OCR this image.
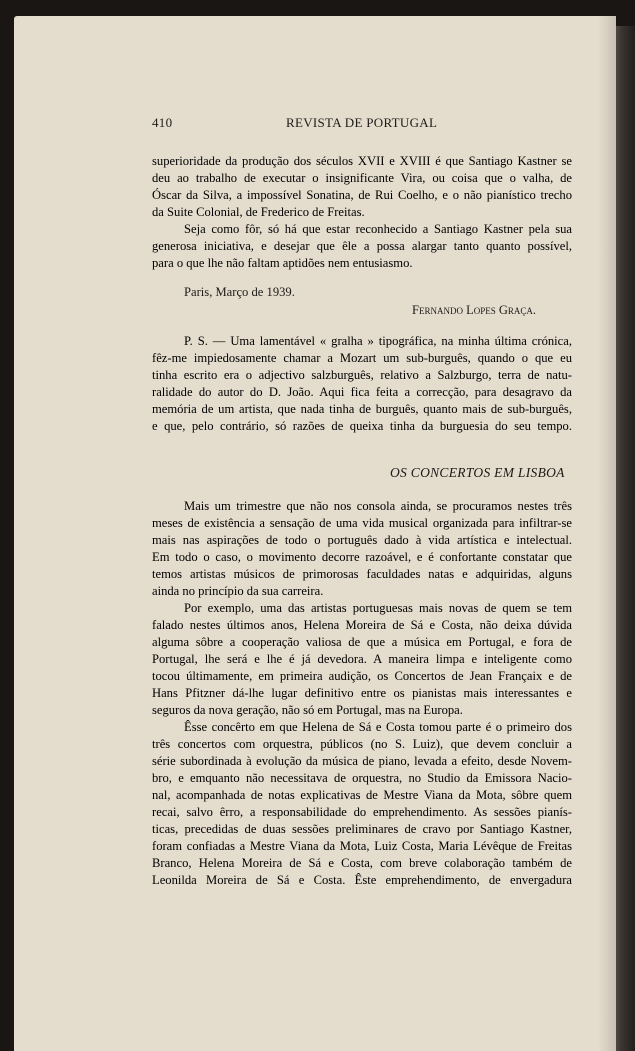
410	REVISTA DE PORTUGAL
superioridade da produção dos séculos XVII e XVIII é que Santiago Kastner se
deu ao trabalho de executar o insignificante Vira, ou coisa que o valha, de
Óscar da Silva, a impossível Sonatina, de Rui Coelho, e o não pianístico trecho
da Suite Colonial, de Frederico de Freitas.
Seja como fôr, só há que estar reconhecido a Santiago Kastner pela sua
generosa iniciativa, e desejar que êle a possa alargar tanto quanto possível,
para o que lhe não faltam aptidões nem entusiasmo.
Paris, Março de 1939.
Fernando Lopes Graça.
P. S. — Uma lamentável « gralha » tipográfica, na minha última crónica,
fêz-me impiedosamente chamar a Mozart um sub-burguês, quando o que eu
tinha escrito era o adjectivo salzburguês, relativo a Salzburgo, terra de natu-
ralidade do autor do D. João. Aqui fica feita a correcção, para desagravo da
memória de um artista, que nada tinha de burguês, quanto mais de sub-burguês,
e que, pelo contrário, só razões de queixa tinha da burguesia do seu tempo.
OS CONCERTOS EM LISBOA
Mais um trimestre que não nos consola ainda, se procuramos nestes três
meses de existência a sensação de uma vida musical organizada para infiltrar-se
mais nas aspirações de todo o português dado à vida artística e intelectual.
Em todo o caso, o movimento decorre razoável, e é confortante constatar que
temos artistas músicos de primorosas faculdades natas e adquiridas, alguns
ainda no princípio da sua carreira.
Por exemplo, uma das artistas portuguesas mais novas de quem se tem
falado nestes últimos anos, Helena Moreira de Sá e Costa, não deixa dúvida
alguma sôbre a cooperação valiosa de que a música em Portugal, e fora de
Portugal, lhe será e lhe é já devedora. A maneira limpa e inteligente como
tocou últimamente, em primeira audição, os Concertos de Jean Françaix e de
Hans Pfitzner dá-lhe lugar definitivo entre os pianistas mais interessantes e
seguros da nova geração, não só em Portugal, mas na Europa.
Êsse concêrto em que Helena de Sá e Costa tomou parte é o primeiro dos
três concertos com orquestra, públicos (no S. Luiz), que devem concluir a
série subordinada à evolução da música de piano, levada a efeito, desde Novem-
bro, e emquanto não necessitava de orquestra, no Studio da Emissora Nacio-
nal, acompanhada de notas explicativas de Mestre Viana da Mota, sôbre quem
recai, salvo êrro, a responsabilidade do emprehendimento. As sessões pianís-
ticas, precedidas de duas sessões preliminares de cravo por Santiago Kastner,
foram confiadas a Mestre Viana da Mota, Luiz Costa, Maria Lévêque de Freitas
Branco, Helena Moreira de Sá e Costa, com breve colaboração também de
Leonilda Moreira de Sá e Costa. Êste emprehendimento, de envergadura
